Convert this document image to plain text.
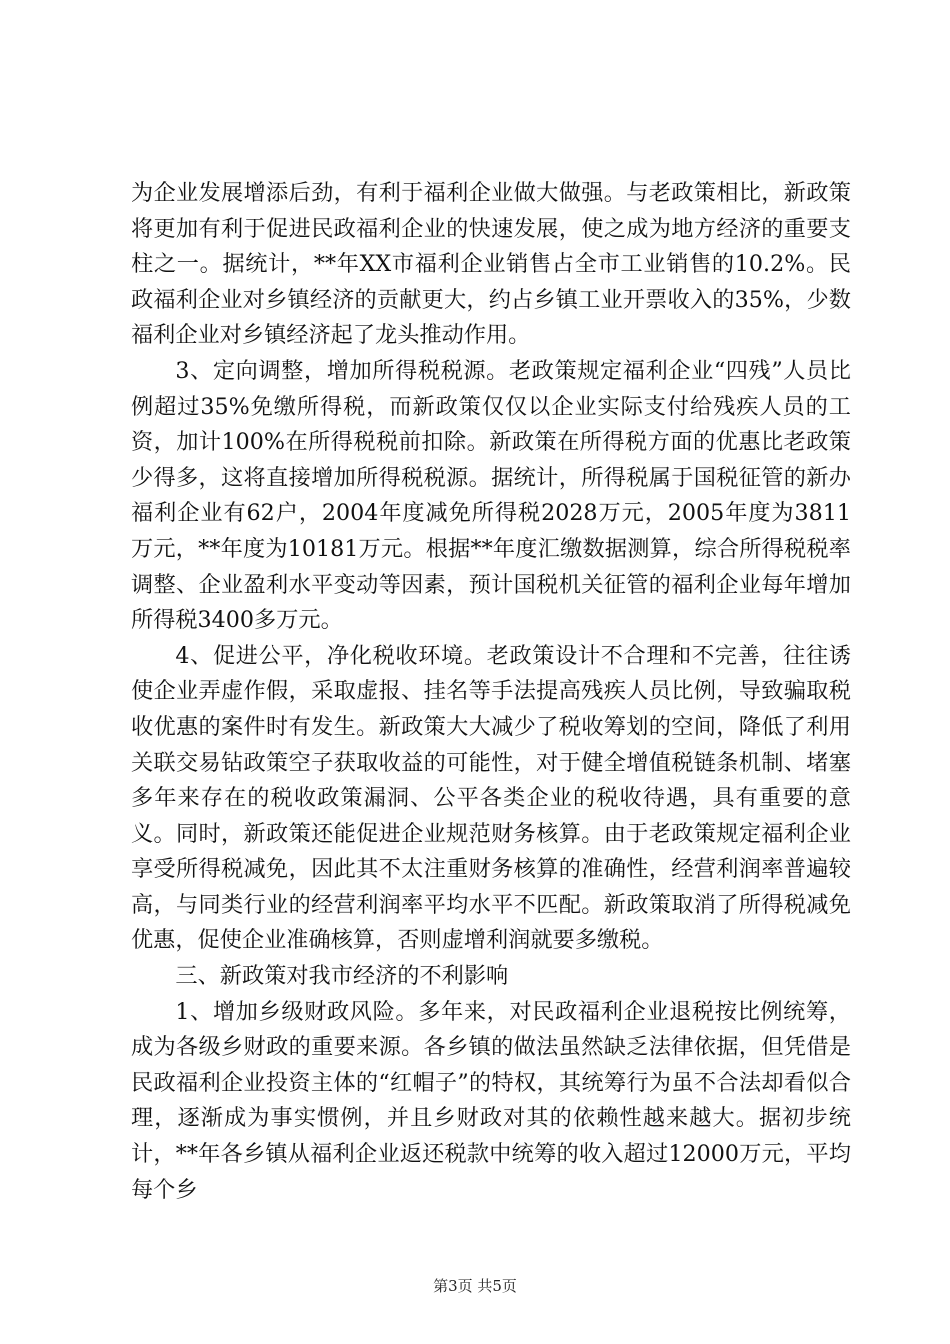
为企业发展增添后劲，有利于福利企业做大做强。与老政策相比，新政策将更加有利于促进民政福利企业的快速发展，使之成为地方经济的重要支柱之一。据统计，**年XX市福利企业销售占全市工业销售的10.2%。民政福利企业对乡镇经济的贡献更大，约占乡镇工业开票收入的35%，少数福利企业对乡镇经济起了龙头推动作用。

3、定向调整，增加所得税税源。老政策规定福利企业“四残”人员比例超过35%免缴所得税，而新政策仅仅以企业实际支付给残疾人员的工资，加计100%在所得税税前扣除。新政策在所得税方面的优惠比老政策少得多，这将直接增加所得税税源。据统计，所得税属于国税征管的新办福利企业有62户，2004年度减免所得税2028万元，2005年度为3811万元，**年度为10181万元。根据**年度汇缴数据测算，综合所得税税率调整、企业盈利水平变动等因素，预计国税机关征管的福利企业每年增加所得税3400多万元。

4、促进公平，净化税收环境。老政策设计不合理和不完善，往往诱使企业弄虚作假，采取虚报、挂名等手法提高残疾人员比例，导致骗取税收优惠的案件时有发生。新政策大大减少了税收筹划的空间，降低了利用关联交易钻政策空子获取收益的可能性，对于健全增值税链条机制、堵塞多年来存在的税收政策漏洞、公平各类企业的税收待遇，具有重要的意义。同时，新政策还能促进企业规范财务核算。由于老政策规定福利企业享受所得税减免，因此其不太注重财务核算的准确性，经营利润率普遍较高，与同类行业的经营利润率平均水平不匹配。新政策取消了所得税减免优惠，促使企业准确核算，否则虚增利润就要多缴税。

三、新政策对我市经济的不利影响

1、增加乡级财政风险。多年来，对民政福利企业退税按比例统筹，成为各级乡财政的重要来源。各乡镇的做法虽然缺乏法律依据，但凭借是民政福利企业投资主体的“红帽子”的特权，其统筹行为虽不合法却看似合理，逐渐成为事实惯例，并且乡财政对其的依赖性越来越大。据初步统计，**年各乡镇从福利企业返还税款中统筹的收入超过12000万元，平均每个乡

第3页 共5页
